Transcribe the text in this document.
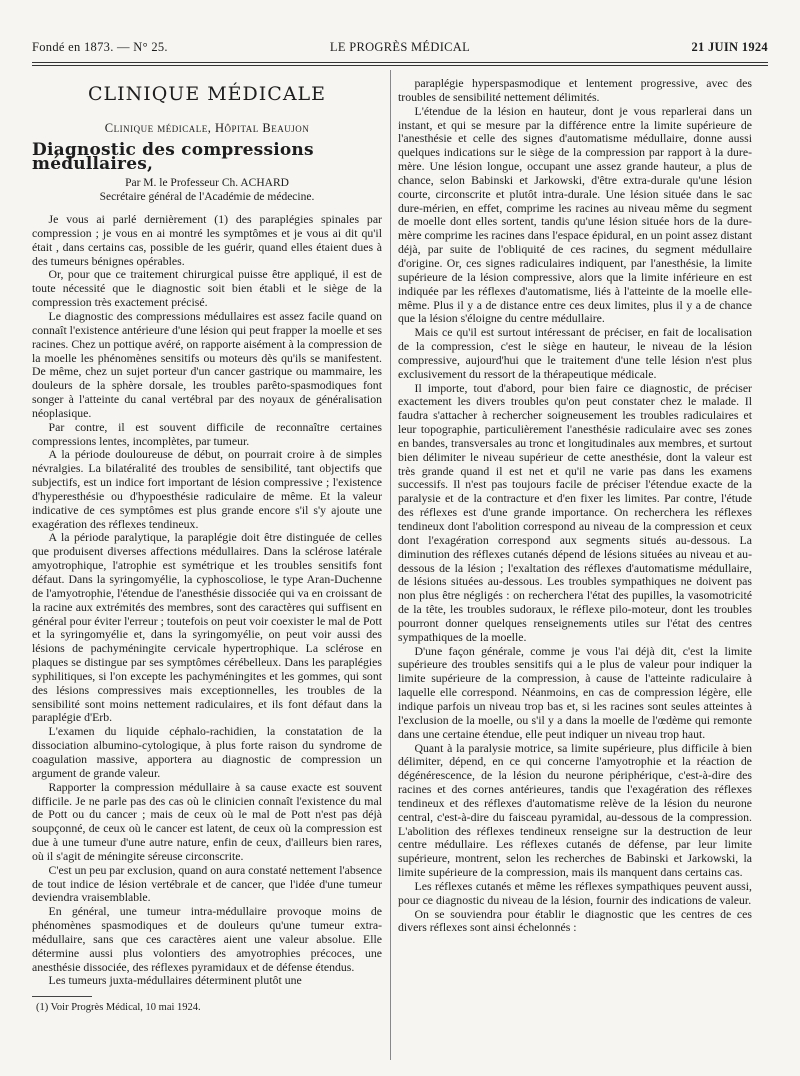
Fondé en 1873. — N° 25.	LE PROGRÈS MÉDICAL	21 JUIN 1924
CLINIQUE MÉDICALE
Clinique médicale, Hôpital Beaujon
Diagnostic des compressions médullaires,
Par M. le Professeur Ch. ACHARD
Secrétaire général de l'Académie de médecine.

Je vous ai parlé dernièrement (1) des paraplégies spinales par compression ; je vous en ai montré les symptômes et je vous ai dit qu'il était , dans certains cas, possible de les guérir, quand elles étaient dues à des tumeurs bénignes opérables.

Or, pour que ce traitement chirurgical puisse être appliqué, il est de toute nécessité que le diagnostic soit bien établi et le siège de la compression très exactement précisé.

Le diagnostic des compressions médullaires est assez facile quand on connaît l'existence antérieure d'une lésion qui peut frapper la moelle et ses racines. Chez un pottique avéré, on rapporte aisément à la compression de la moelle les phénomènes sensitifs ou moteurs dès qu'ils se manifestent. De même, chez un sujet porteur d'un cancer gastrique ou mammaire, les douleurs de la sphère dorsale, les troubles parêto-spasmodiques font songer à l'atteinte du canal vertébral par des noyaux de généralisation néoplasique.

Par contre, il est souvent difficile de reconnaître certaines compressions lentes, incomplètes, par tumeur.

A la période douloureuse de début, on pourrait croire à de simples névralgies. La bilatéralité des troubles de sensibilité, tant objectifs que subjectifs, est un indice fort important de lésion compressive ; l'existence d'hyperesthésie ou d'hypoesthésie radiculaire de même. Et la valeur indicative de ces symptômes est plus grande encore s'il s'y ajoute une exagération des réflexes tendineux.

A la période paralytique, la paraplégie doit être distinguée de celles que produisent diverses affections médullaires. Dans la sclérose latérale amyotrophique, l'atrophie est symétrique et les troubles sensitifs font défaut. Dans la syringomyélie, la cyphoscoliose, le type Aran-Duchenne de l'amyotrophie, l'étendue de l'anesthésie dissociée qui va en croissant de la racine aux extrémités des membres, sont des caractères qui suffisent en général pour éviter l'erreur ; toutefois on peut voir coexister le mal de Pott et la syringomyélie et, dans la syringomyélie, on peut voir aussi des lésions de pachyméningite cervicale hypertrophique. La sclérose en plaques se distingue par ses symptômes cérébelleux. Dans les paraplégies syphilitiques, si l'on excepte les pachyméningites et les gommes, qui sont des lésions compressives mais exceptionnelles, les troubles de la sensibilité sont moins nettement radiculaires, et ils font défaut dans la paraplégie d'Erb.

L'examen du liquide céphalo-rachidien, la constatation de la dissociation albumino-cytologique, à plus forte raison du syndrome de coagulation massive, apportera au diagnostic de compression un argument de grande valeur.

Rapporter la compression médullaire à sa cause exacte est souvent difficile. Je ne parle pas des cas où le clinicien connaît l'existence du mal de Pott ou du cancer ; mais de ceux où le mal de Pott n'est pas déjà soupçonné, de ceux où le cancer est latent, de ceux où la compression est due à une tumeur d'une autre nature, enfin de ceux, d'ailleurs bien rares, où il s'agit de méningite séreuse circonscrite.

C'est un peu par exclusion, quand on aura constaté nettement l'absence de tout indice de lésion vertébrale et de cancer, que l'idée d'une tumeur deviendra vraisemblable.

En général, une tumeur intra-médullaire provoque moins de phénomènes spasmodiques et de douleurs qu'une tumeur extra-médullaire, sans que ces caractères aient une valeur absolue. Elle détermine aussi plus volontiers des amyotrophies précoces, une anesthésie dissociée, des réflexes pyramidaux et de défense étendus.

Les tumeurs juxta-médullaires déterminent plutôt une

(1) Voir Progrès Médical, 10 mai 1924.

paraplégie hyperspasmodique et lentement progressive, avec des troubles de sensibilité nettement délimités.

L'étendue de la lésion en hauteur, dont je vous reparlerai dans un instant, et qui se mesure par la différence entre la limite supérieure de l'anesthésie et celle des signes d'automatisme médullaire, donne aussi quelques indications sur le siège de la compression par rapport à la dure-mère. Une lésion longue, occupant une assez grande hauteur, a plus de chance, selon Babinski et Jarkowski, d'être extra-durale qu'une lésion courte, circonscrite et plutôt intra-durale. Une lésion située dans le sac dure-mérien, en effet, comprime les racines au niveau même du segment de moelle dont elles sortent, tandis qu'une lésion située hors de la dure-mère comprime les racines dans l'espace épidural, en un point assez distant déjà, par suite de l'obliquité de ces racines, du segment médullaire d'origine. Or, ces signes radiculaires indiquent, par l'anesthésie, la limite supérieure de la lésion compressive, alors que la limite inférieure en est indiquée par les réflexes d'automatisme, liés à l'atteinte de la moelle elle-même. Plus il y a de distance entre ces deux limites, plus il y a de chance que la lésion s'éloigne du centre médullaire.

Mais ce qu'il est surtout intéressant de préciser, en fait de localisation de la compression, c'est le siège en hauteur, le niveau de la lésion compressive, aujourd'hui que le traitement d'une telle lésion n'est plus exclusivement du ressort de la thérapeutique médicale.

Il importe, tout d'abord, pour bien faire ce diagnostic, de préciser exactement les divers troubles qu'on peut constater chez le malade. Il faudra s'attacher à rechercher soigneusement les troubles radiculaires et leur topographie, particulièrement l'anesthésie radiculaire avec ses zones en bandes, transversales au tronc et longitudinales aux membres, et surtout bien délimiter le niveau supérieur de cette anesthésie, dont la valeur est très grande quand il est net et qu'il ne varie pas dans les examens successifs. Il n'est pas toujours facile de préciser l'étendue exacte de la paralysie et de la contracture et d'en fixer les limites. Par contre, l'étude des réflexes est d'une grande importance. On recherchera les réflexes tendineux dont l'abolition correspond au niveau de la compression et ceux dont l'exagération correspond aux segments situés au-dessous. La diminution des réflexes cutanés dépend de lésions situées au niveau et au-dessous de la lésion ; l'exaltation des réflexes d'automatisme médullaire, de lésions situées au-dessous. Les troubles sympathiques ne doivent pas non plus être négligés : on recherchera l'état des pupilles, la vasomotricité de la tête, les troubles sudoraux, le réflexe pilo-moteur, dont les troubles pourront donner quelques renseignements utiles sur l'état des centres sympathiques de la moelle.

D'une façon générale, comme je vous l'ai déjà dit, c'est la limite supérieure des troubles sensitifs qui a le plus de valeur pour indiquer la limite supérieure de la compression, à cause de l'atteinte radiculaire à laquelle elle correspond. Néanmoins, en cas de compression légère, elle indique parfois un niveau trop bas et, si les racines sont seules atteintes à l'exclusion de la moelle, ou s'il y a dans la moelle de l'œdème qui remonte dans une certaine étendue, elle peut indiquer un niveau trop haut.

Quant à la paralysie motrice, sa limite supérieure, plus difficile à bien délimiter, dépend, en ce qui concerne l'amyotrophie et la réaction de dégénérescence, de la lésion du neurone périphérique, c'est-à-dire des racines et des cornes antérieures, tandis que l'exagération des réflexes tendineux et des réflexes d'automatisme relève de la lésion du neurone central, c'est-à-dire du faisceau pyramidal, au-dessous de la compression. L'abolition des réflexes tendineux renseigne sur la destruction de leur centre médullaire. Les réflexes cutanés de défense, par leur limite supérieure, montrent, selon les recherches de Babinski et Jarkowski, la limite supérieure de la compression, mais ils manquent dans certains cas.

Les réflexes cutanés et même les réflexes sympathiques peuvent aussi, pour ce diagnostic du niveau de la lésion, fournir des indications de valeur.

On se souviendra pour établir le diagnostic que les centres de ces divers réflexes sont ainsi échelonnés :
